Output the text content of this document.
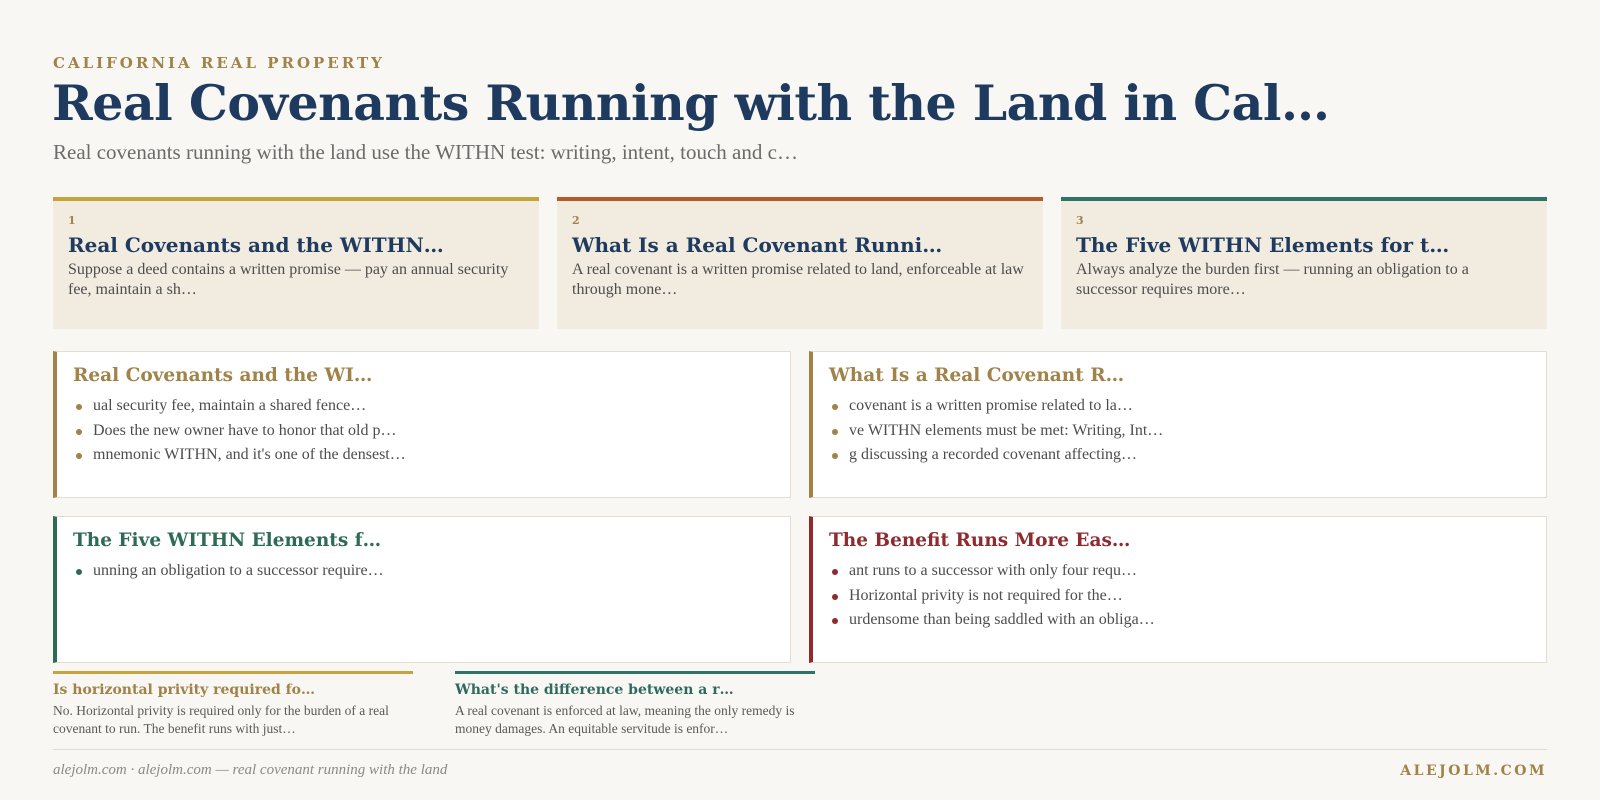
CALIFORNIA REAL PROPERTY
Real Covenants Running with the Land in Cal…
Real covenants running with the land use the WITHN test: writing, intent, touch and c…
1
Real Covenants and the WITHN…
Suppose a deed contains a written promise — pay an annual security fee, maintain a sh…
2
What Is a Real Covenant Runni…
A real covenant is a written promise related to land, enforceable at law through mone…
3
The Five WITHN Elements for t…
Always analyze the burden first — running an obligation to a successor requires more…
Real Covenants and the WI…
ual security fee, maintain a shared fence…
Does the new owner have to honor that old p…
mnemonic WITHN, and it's one of the densest…
What Is a Real Covenant R…
covenant is a written promise related to la…
ve WITHN elements must be met: Writing, Int…
g discussing a recorded covenant affecting…
The Five WITHN Elements f…
unning an obligation to a successor require…
The Benefit Runs More Eas…
ant runs to a successor with only four requ…
Horizontal privity is not required for the…
urdensome than being saddled with an obliga…
Is horizontal privity required fo…
No. Horizontal privity is required only for the burden of a real covenant to run. The benefit runs with just…
What's the difference between a r…
A real covenant is enforced at law, meaning the only remedy is money damages. An equitable servitude is enfor…
alejolm.com · alejolm.com — real covenant running with the land	ALEJOLM.COM
